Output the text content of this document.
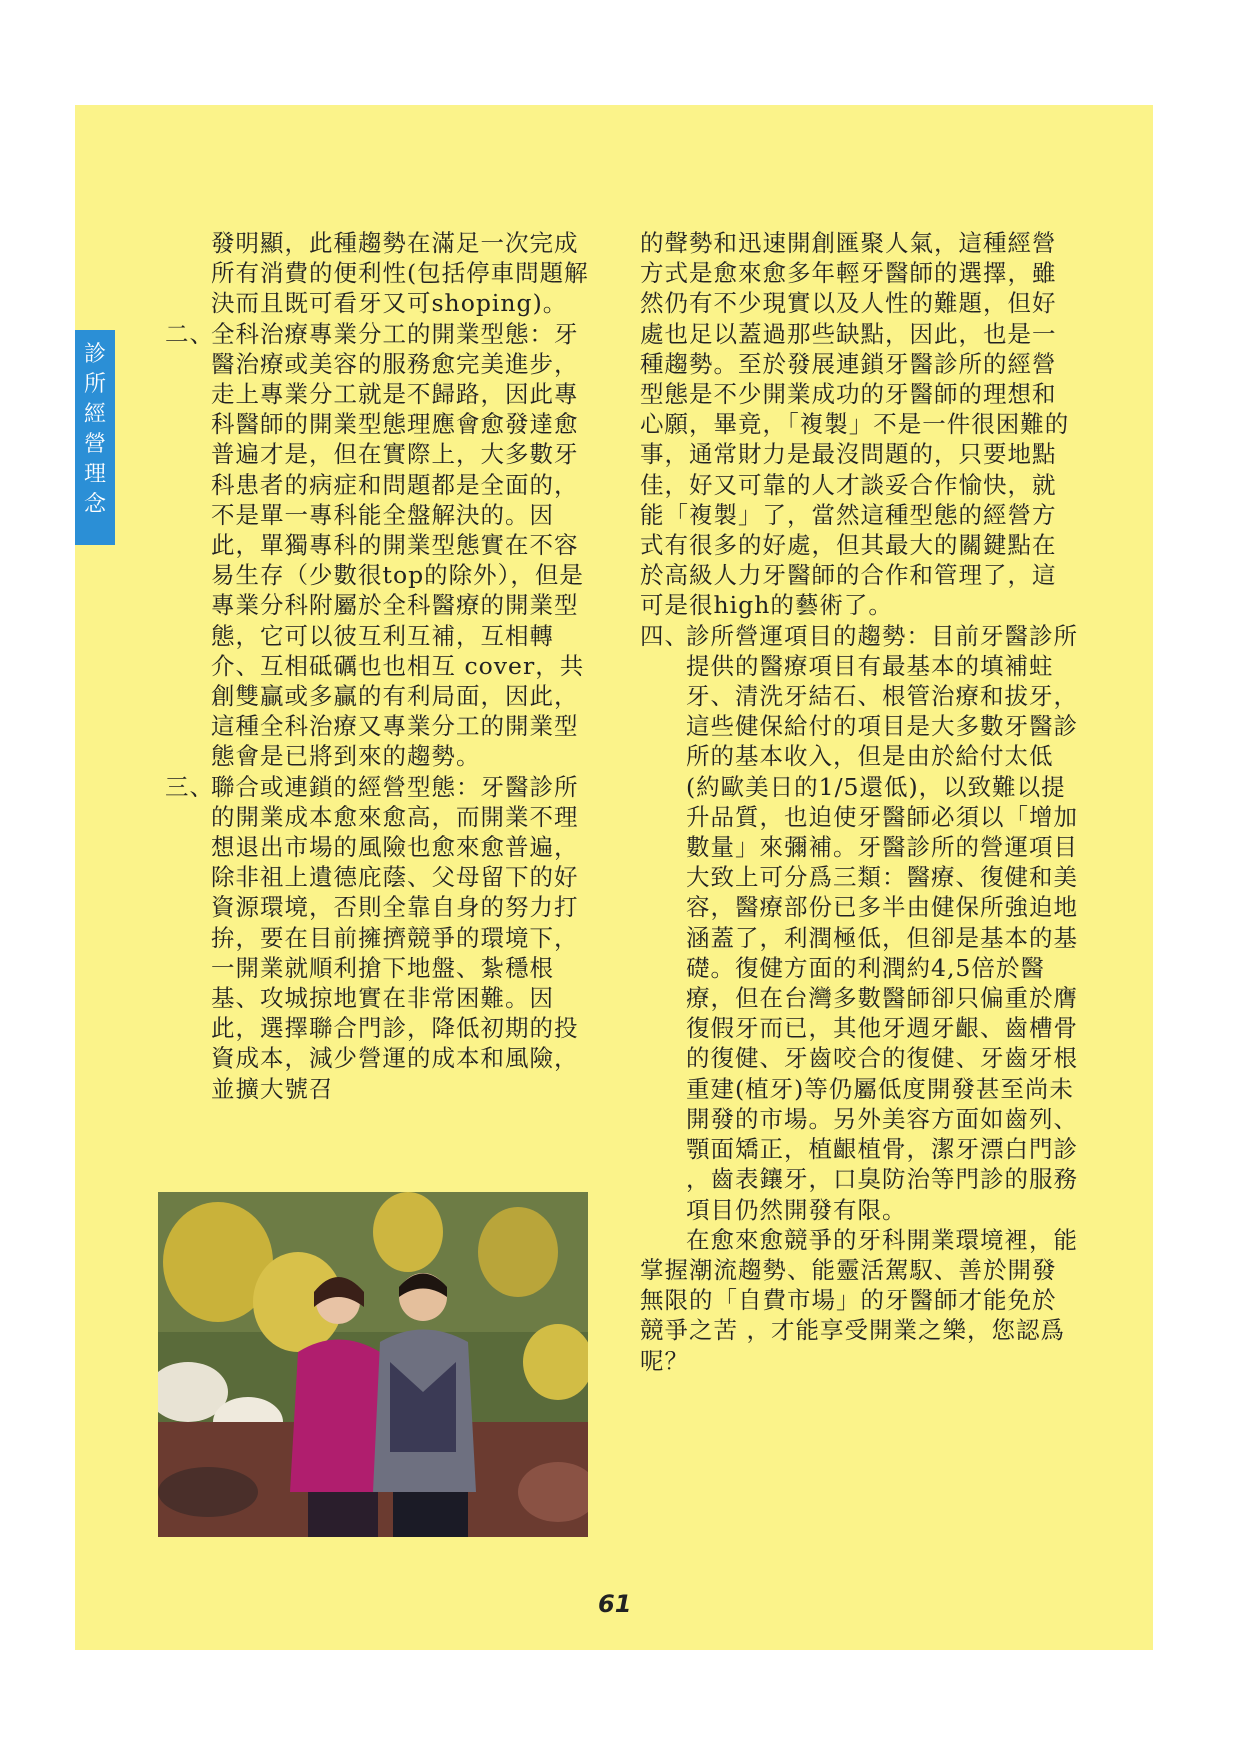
診
所
經
營
理
念

發明顯，此種趨勢在滿足一次完成所有消費的便利性(包括停車問題解決而且既可看牙又可shoping)。

二、
全科治療專業分工的開業型態：牙醫治療或美容的服務愈完美進步，走上專業分工就是不歸路，因此專科醫師的開業型態理應會愈發達愈普遍才是，但在實際上，大多數牙科患者的病症和問題都是全面的，不是單一專科能全盤解決的。因此，單獨專科的開業型態實在不容易生存（少數很top的除外），但是專業分科附屬於全科醫療的開業型態，它可以彼互利互補，互相轉介、互相砥礪也也相互 cover，共創雙贏或多贏的有利局面，因此，這種全科治療又專業分工的開業型態會是已將到來的趨勢。
三、
聯合或連鎖的經營型態：牙醫診所的開業成本愈來愈高，而開業不理想退出市場的風險也愈來愈普遍，除非祖上遺德庇蔭、父母留下的好資源環境，否則全靠自身的努力打拚，要在目前擁擠競爭的環境下，一開業就順利搶下地盤、紮穩根基、攻城掠地實在非常困難。因此，選擇聯合門診，降低初期的投資成本，減少營運的成本和風險，並擴大號召

的聲勢和迅速開創匯聚人氣，這種經營方式是愈來愈多年輕牙醫師的選擇，雖然仍有不少現實以及人性的難題，但好處也足以蓋過那些缺點，因此，也是一種趨勢。至於發展連鎖牙醫診所的經營型態是不少開業成功的牙醫師的理想和心願，畢竟，「複製」不是一件很困難的事，通常財力是最沒問題的，只要地點佳，好又可靠的人才談妥合作愉快，就能「複製」了，當然這種型態的經營方式有很多的好處，但其最大的關鍵點在於高級人力牙醫師的合作和管理了，這可是很high的藝術了。

四、
診所營運項目的趨勢：目前牙醫診所提供的醫療項目有最基本的填補蛀牙、清洗牙結石、根管治療和拔牙，這些健保給付的項目是大多數牙醫診所的基本收入，但是由於給付太低(約歐美日的1/5還低)，以致難以提升品質，也迫使牙醫師必須以「增加數量」來彌補。牙醫診所的營運項目大致上可分爲三類：醫療、復健和美容，醫療部份已多半由健保所強迫地涵蓋了，利潤極低，但卻是基本的基礎。復健方面的利潤約4,5倍於醫療，但在台灣多數醫師卻只偏重於膺復假牙而已，其他牙週牙齦、齒槽骨的復健、牙齒咬合的復健、牙齒牙根重建(植牙)等仍屬低度開發甚至尚未開發的市場。另外美容方面如齒列、顎面矯正，植齦植骨，潔牙漂白門診 ，齒表鑲牙，口臭防治等門診的服務項目仍然開發有限。

在愈來愈競爭的牙科開業環境裡，能掌握潮流趨勢、能靈活駕馭、善於開發無限的「自費市場」的牙醫師才能免於競爭之苦 ，才能享受開業之樂，您認爲呢？

61
